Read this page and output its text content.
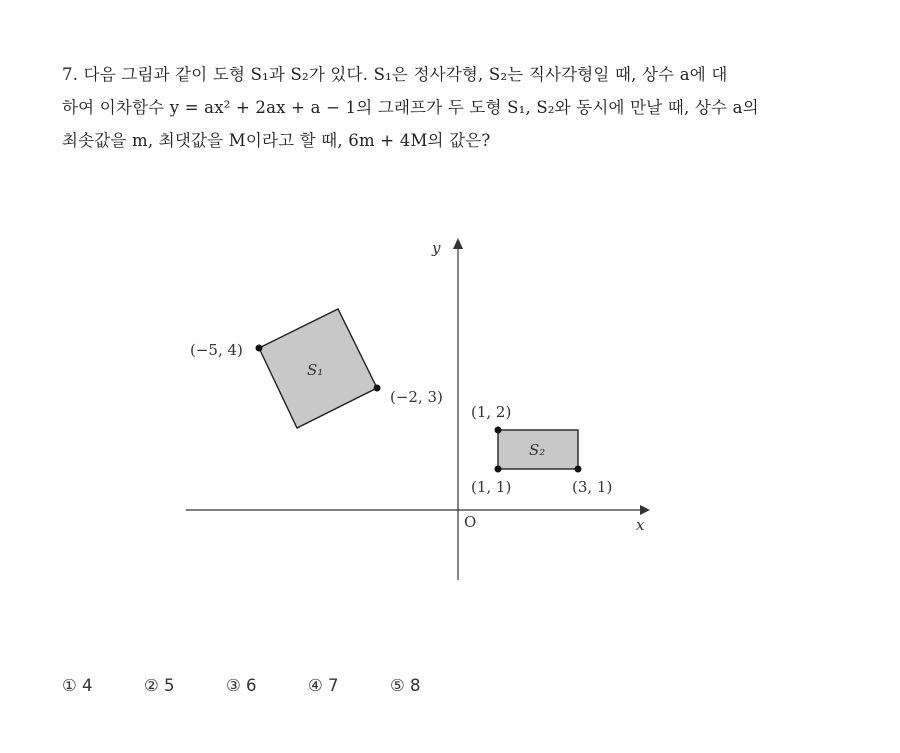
7. 다음 그림과 같이 도형 S₁과 S₂가 있다. S₁은 정사각형, S₂는 직사각형일 때, 상수 a에 대
하여 이차함수 y = ax² + 2ax + a − 1의 그래프가 두 도형 S₁, S₂와 동시에 만날 때, 상수 a의
최솟값을 m, 최댓값을 M이라고 할 때, 6m + 4M의 값은?
x
y
O
S₁
(−5, 4)
(−2, 3)
S₂
(1, 2)
(1, 1)	(3, 1)
① 4	② 5	③ 6	④ 7	⑤ 8
